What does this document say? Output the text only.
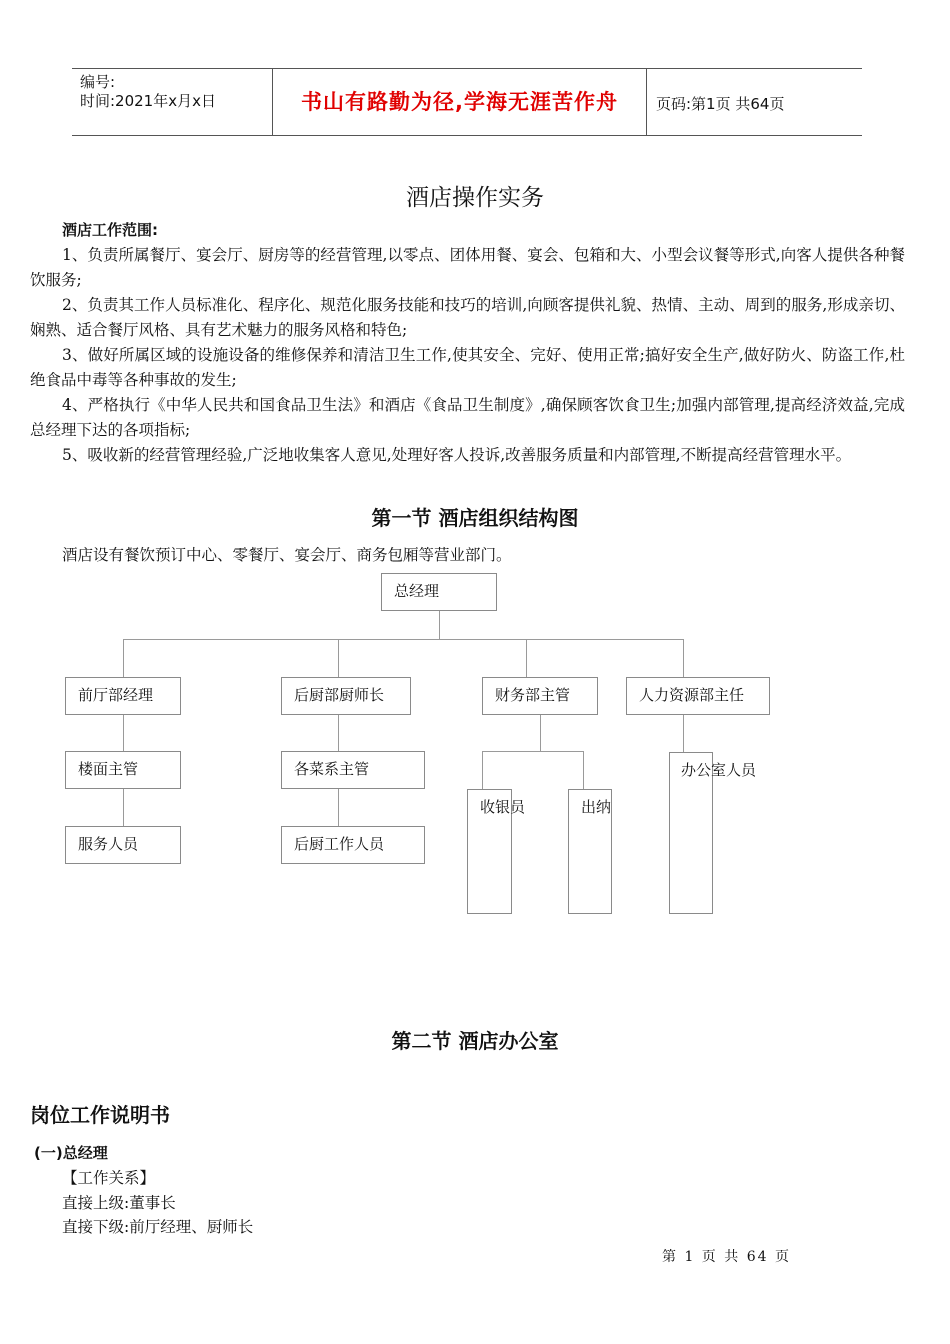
编号:
时间:2021年x月x日	书山有路勤为径,学海无涯苦作舟	页码:第1页 共64页
酒店操作实务
酒店工作范围:
1、负责所属餐厅、宴会厅、厨房等的经营管理,以零点、团体用餐、宴会、包箱和大、小型会议餐等形式,向客人提供各种餐饮服务;
2、负责其工作人员标准化、程序化、规范化服务技能和技巧的培训,向顾客提供礼貌、热情、主动、周到的服务,形成亲切、娴熟、适合餐厅风格、具有艺术魅力的服务风格和特色;
3、做好所属区域的设施设备的维修保养和清洁卫生工作,使其安全、完好、使用正常;搞好安全生产,做好防火、防盗工作,杜绝食品中毒等各种事故的发生;
4、严格执行《中华人民共和国食品卫生法》和酒店《食品卫生制度》,确保顾客饮食卫生;加强内部管理,提高经济效益,完成总经理下达的各项指标;
5、吸收新的经营管理经验,广泛地收集客人意见,处理好客人投诉,改善服务质量和内部管理,不断提高经营管理水平。
第一节 酒店组织结构图
酒店设有餐饮预订中心、零餐厅、宴会厅、商务包厢等营业部门。
总经理
前厅部经理	后厨部厨师长	财务部主管	人力资源部主任
楼面主管	各菜系主管
服务人员	后厨工作人员
收银员	出纳
办公室人员
第二节 酒店办公室
岗位工作说明书
(一)总经理
【工作关系】
直接上级:董事长
直接下级:前厅经理、厨师长
第 1 页 共 64 页
